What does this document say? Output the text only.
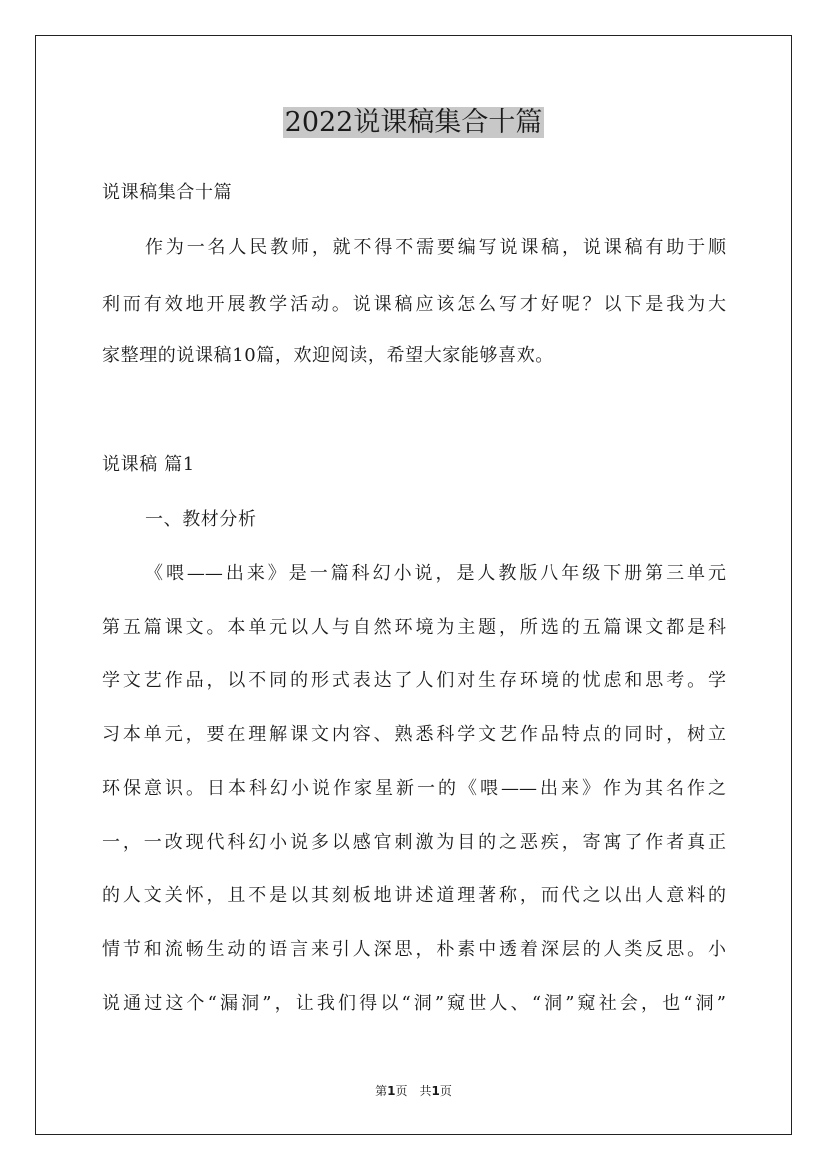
2022说课稿集合十篇
说课稿集合十篇
作为一名人民教师，就不得不需要编写说课稿，说课稿有助于顺
利而有效地开展教学活动。说课稿应该怎么写才好呢？以下是我为大
家整理的说课稿10篇，欢迎阅读，希望大家能够喜欢。
说课稿 篇1
一、教材分析
《喂——出来》是一篇科幻小说，是人教版八年级下册第三单元
第五篇课文。本单元以人与自然环境为主题，所选的五篇课文都是科
学文艺作品，以不同的形式表达了人们对生存环境的忧虑和思考。学
习本单元，要在理解课文内容、熟悉科学文艺作品特点的同时，树立
环保意识。日本科幻小说作家星新一的《喂——出来》作为其名作之
一，一改现代科幻小说多以感官刺激为目的之恶疾，寄寓了作者真正
的人文关怀，且不是以其刻板地讲述道理著称，而代之以出人意料的
情节和流畅生动的语言来引人深思，朴素中透着深层的人类反思。小
说通过这个“漏洞”，让我们得以“洞”窥世人、“洞”窥社会，也“洞”
第1页　共1页
